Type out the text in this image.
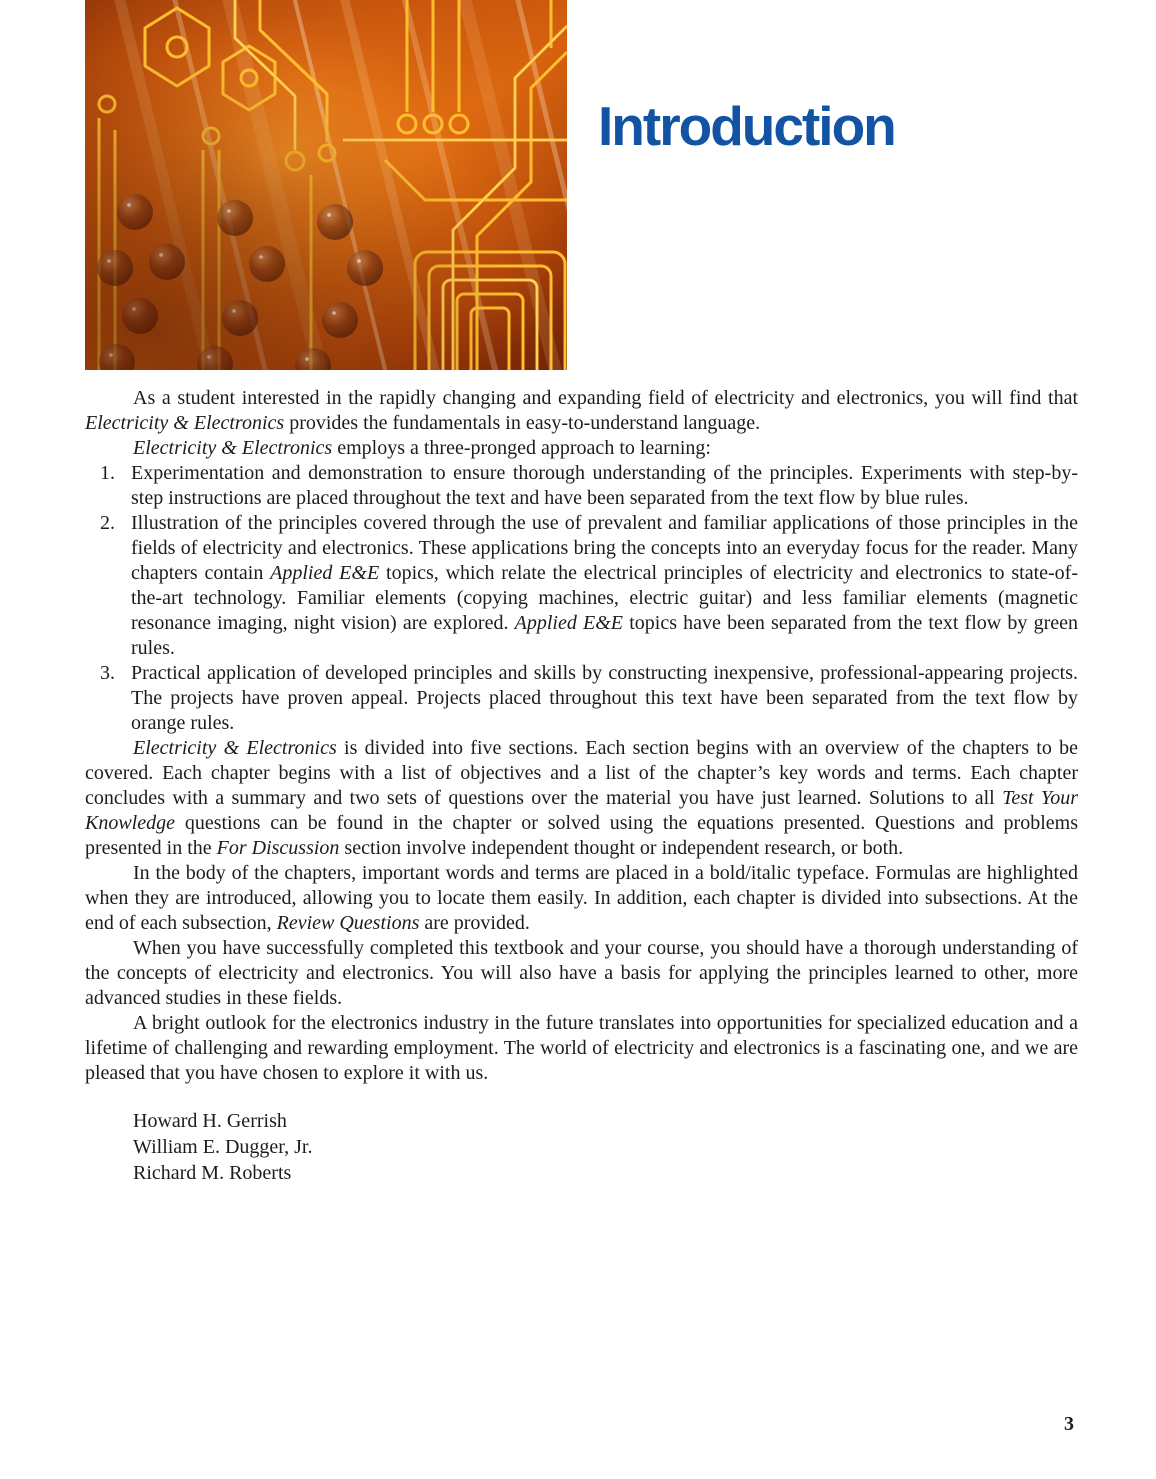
Introduction

As a student interested in the rapidly changing and expanding field of electricity and electronics, you will find that Electricity & Electronics provides the fundamentals in easy-to-understand language.

Electricity & Electronics employs a three-pronged approach to learning:

1. Experimentation and demonstration to ensure thorough understanding of the principles. Experiments with step-by-step instructions are placed throughout the text and have been separated from the text flow by blue rules.
2. Illustration of the principles covered through the use of prevalent and familiar applications of those principles in the fields of electricity and electronics. These applications bring the concepts into an everyday focus for the reader. Many chapters contain Applied E&E topics, which relate the electrical principles of electricity and electronics to state-of-the-art technology. Familiar elements (copying machines, electric guitar) and less familiar elements (magnetic resonance imaging, night vision) are explored. Applied E&E topics have been separated from the text flow by green rules.
3. Practical application of developed principles and skills by constructing inexpensive, professional-appearing projects. The projects have proven appeal. Projects placed throughout this text have been separated from the text flow by orange rules.

Electricity & Electronics is divided into five sections. Each section begins with an overview of the chapters to be covered. Each chapter begins with a list of objectives and a list of the chapter’s key words and terms. Each chapter concludes with a summary and two sets of questions over the material you have just learned. Solutions to all Test Your Knowledge questions can be found in the chapter or solved using the equations presented. Questions and problems presented in the For Discussion section involve independent thought or independent research, or both.

In the body of the chapters, important words and terms are placed in a bold/italic typeface. Formulas are highlighted when they are introduced, allowing you to locate them easily. In addition, each chapter is divided into subsections. At the end of each subsection, Review Questions are provided.

When you have successfully completed this textbook and your course, you should have a thorough understanding of the concepts of electricity and electronics. You will also have a basis for applying the principles learned to other, more advanced studies in these fields.

A bright outlook for the electronics industry in the future translates into opportunities for specialized education and a lifetime of challenging and rewarding employment. The world of electricity and electronics is a fascinating one, and we are pleased that you have chosen to explore it with us.

Howard H. Gerrish
William E. Dugger, Jr.
Richard M. Roberts
3
